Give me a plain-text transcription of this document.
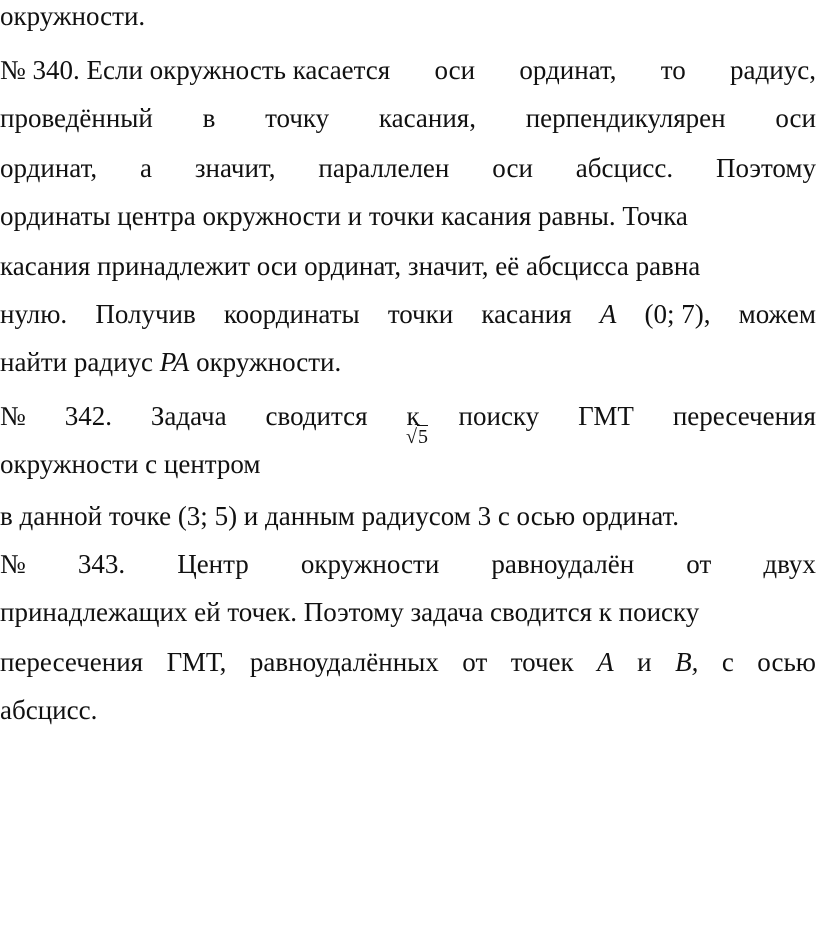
окружности.
№ 340. Если окружность касается оси ординат, то радиус,
проведённый в точку касания, перпендикулярен оси
ординат, а значит, параллелен оси абсцисс. Поэтому
ординаты центра окружности и точки касания равны. Точка
касания принадлежит оси ординат, значит, её абсцисса равна
нулю. Получив координаты точки касания A (0; 7), можем
найти радиус PA окружности.
№ 342. Задача сводится к поиску ГМТ пересечения
√5
окружности с центром
в данной точке (3; 5) и данным радиусом 3 с осью ординат.
№ 343. Центр окружности равноудалён от двух
принадлежащих ей точек. Поэтому задача сводится к поиску
пересечения ГМТ, равноудалённых от точек A и B, с осью
абсцисс.
